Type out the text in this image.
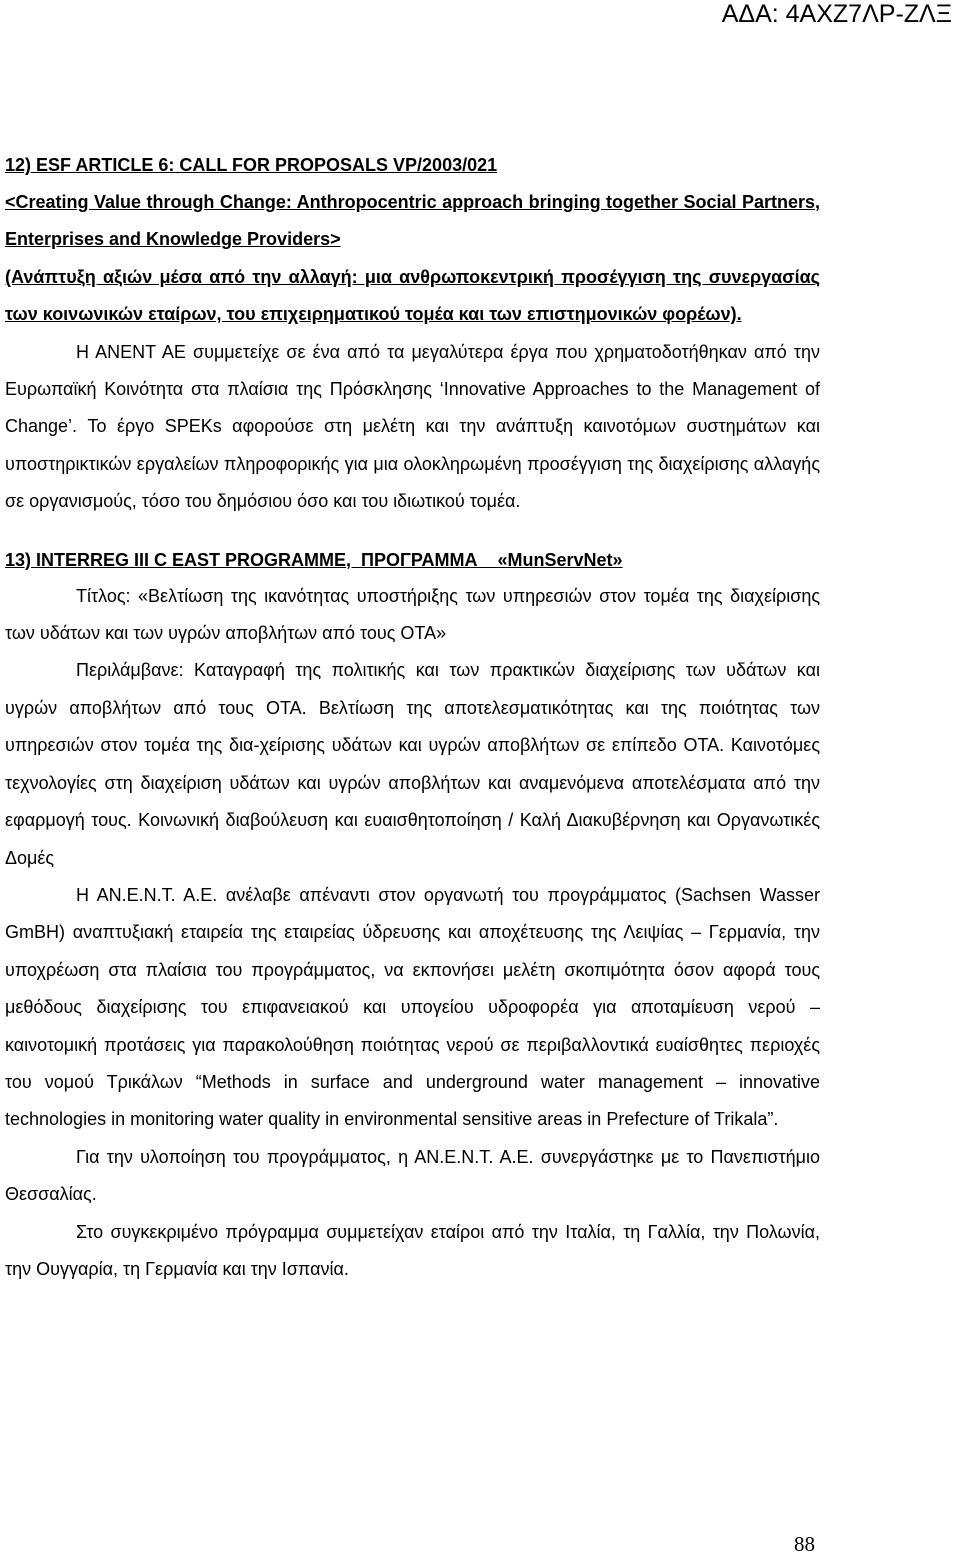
ΑΔΑ: 4ΑΧΖ7ΛΡ-ΖΛΞ
12) ESF ARTICLE 6: CALL FOR PROPOSALS VP/2003/021
<Creating Value through Change: Anthropocentric approach bringing together Social Partners, Enterprises and Knowledge Providers>
(Ανάπτυξη αξιών μέσα από την αλλαγή: μια ανθρωποκεντρική προσέγγιση της συνεργασίας των κοινωνικών εταίρων, του επιχειρηματικού τομέα και των επιστημονικών φορέων).

Η ΑΝΕΝΤ ΑΕ συμμετείχε σε ένα από τα μεγαλύτερα έργα που χρηματοδοτήθηκαν από την Ευρωπαϊκή Κοινότητα στα πλαίσια της Πρόσκλησης ‘Innovative Approaches to the Management of Change’. Το έργο SPEKs αφορούσε στη μελέτη και την ανάπτυξη καινοτόμων συστημάτων και υποστηρικτικών εργαλείων πληροφορικής για μια ολοκληρωμένη προσέγγιση της διαχείρισης αλλαγής σε οργανισμούς, τόσο του δημόσιου όσο και του ιδιωτικού τομέα.

13) INTERREG III C EAST PROGRAMME,  ΠΡΟΓΡΑΜΜΑ    «MunServNet»

Τίτλος: «Βελτίωση της ικανότητας υποστήριξης των υπηρεσιών στον τομέα της διαχείρισης των υδάτων και των υγρών αποβλήτων από τους ΟΤΑ»

Περιλάμβανε: Καταγραφή της πολιτικής και των πρακτικών διαχείρισης των υδάτων και υγρών αποβλήτων από τους ΟΤΑ. Βελτίωση της αποτελεσματικότητας και της ποιότητας των υπηρεσιών στον τομέα της δια-χείρισης υδάτων και υγρών αποβλήτων σε επίπεδο ΟΤΑ. Καινοτόμες τεχνολογίες στη διαχείριση υδάτων και υγρών αποβλήτων και αναμενόμενα αποτελέσματα από την εφαρμογή τους. Κοινωνική διαβούλευση και ευαισθητοποίηση / Καλή Διακυβέρνηση και Οργανωτικές Δομές

Η ΑΝ.Ε.Ν.Τ. Α.Ε. ανέλαβε απέναντι στον οργανωτή του προγράμματος (Sachsen Wasser GmBH) αναπτυξιακή εταιρεία της εταιρείας ύδρευσης και αποχέτευσης της Λειψίας – Γερμανία, την υποχρέωση στα πλαίσια του προγράμματος, να εκπονήσει μελέτη σκοπιμότητα όσον αφορά τους μεθόδους διαχείρισης του επιφανειακού και υπογείου υδροφορέα για αποταμίευση νερού – καινοτομική προτάσεις για παρακολούθηση ποιότητας νερού σε περιβαλλοντικά ευαίσθητες περιοχές του νομού Τρικάλων “Methods in surface and underground water management – innovative technologies in monitoring water quality in environmental sensitive areas in Prefecture of Trikala”.

Για την υλοποίηση του προγράμματος, η ΑΝ.Ε.Ν.Τ. Α.Ε. συνεργάστηκε με το Πανεπιστήμιο Θεσσαλίας.

Στο συγκεκριμένο πρόγραμμα συμμετείχαν εταίροι από την Ιταλία, τη Γαλλία, την Πολωνία, την Ουγγαρία, τη Γερμανία και την Ισπανία.

88
